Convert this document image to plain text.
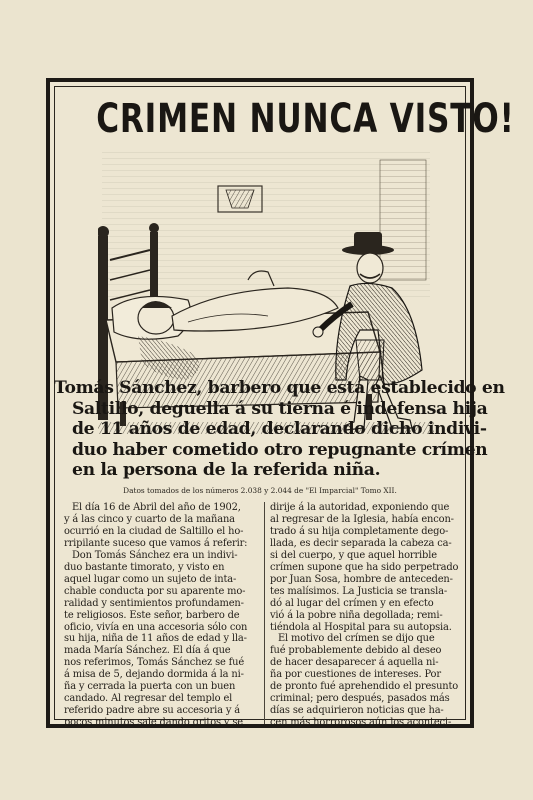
CRIMEN NUNCA VISTO!
Tomás Sánchez, barbero que está establecido en
Saltillo, deguella á su tierna é indefensa hija
de 11 años de edad, declarando dicho indivi-
duo haber cometido otro repugnante crímen
en la persona de la referida niña.
Datos tomados de los números 2.038 y 2.044 de "El Imparcial" Tomo XII.
El día 16 de Abril del año de 1902,
y á las cinco y cuarto de la mañana
ocurrió en la ciudad de Saltillo el ho-
rripilante suceso que vamos á referir:
Don Tomás Sánchez era un indivi-
duo bastante timorato, y visto en
aquel lugar como un sujeto de inta-
chable conducta por su aparente mo-
ralidad y sentimientos profundamen-
te religiosos. Este señor, barbero de
oficio, vivía en una accesoria sólo con
su hija, niña de 11 años de edad y lla-
mada María Sánchez. El día á que
nos referimos, Tomás Sánchez se fué
á misa de 5, dejando dormida á la ni-
ña y cerrada la puerta con un buen
candado. Al regresar del templo el
referido padre abre su accesoria y á
pocos minutos sale dando gritos y se
dirije á la autoridad, exponiendo que
al regresar de la Iglesia, había encon-
trado á su hija completamente dego-
llada, es decir separada la cabeza ca-
si del cuerpo, y que aquel horrible
crímen supone que ha sido perpetrado
por Juan Sosa, hombre de anteceden-
tes malísimos. La Justicia se transla-
dó al lugar del crímen y en efecto
vió á la pobre niña degollada; remi-
tiéndola al Hospital para su autopsia.
El motivo del crímen se dijo que
fué probablemente debido al deseo
de hacer desaparecer á aquella ni-
ña por cuestiones de intereses. Por
de pronto fué aprehendido el presunto
criminal; pero después, pasados más
días se adquirieron noticias que ha-
cen más horrorosos aún los aconteci-
